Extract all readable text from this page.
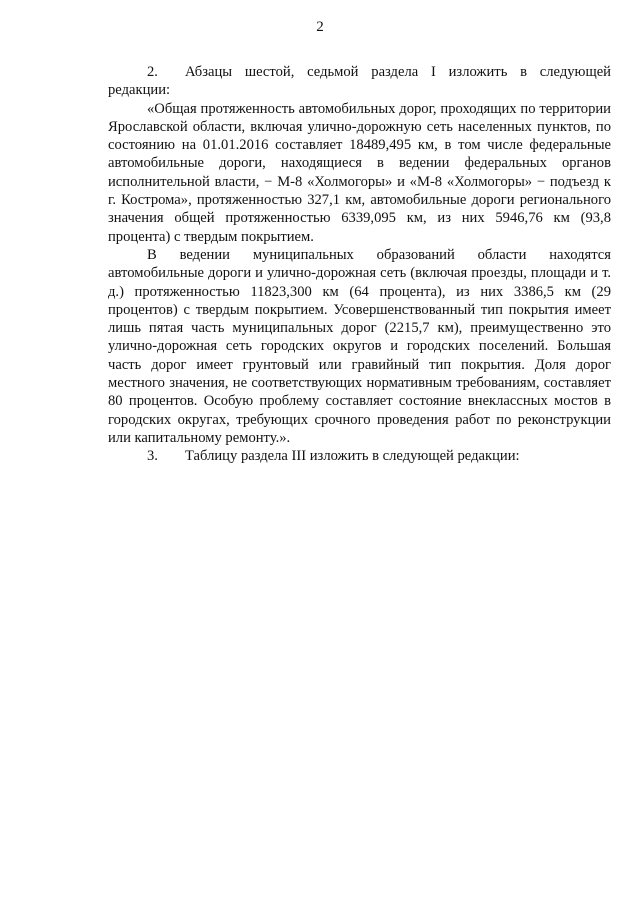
2

2. Абзацы шестой, седьмой раздела I изложить в следующей редакции:

«Общая протяженность автомобильных дорог, проходящих по территории Ярославской области, включая улично-дорожную сеть населенных пунктов, по состоянию на 01.01.2016 составляет 18489,495 км, в том числе федеральные автомобильные дороги, находящиеся в ведении федеральных органов исполнительной власти, − М-8 «Холмогоры» и «М-8 «Холмогоры» − подъезд к г. Кострома», протяженностью 327,1 км, автомобильные дороги регионального значения общей протяженностью 6339,095 км, из них 5946,76 км (93,8 процента) с твердым покрытием.

В ведении муниципальных образований области находятся автомобильные дороги и улично-дорожная сеть (включая проезды, площади и т. д.) протяженностью 11823,300 км (64 процента), из них 3386,5 км (29 процентов) с твердым покрытием. Усовершенствованный тип покрытия имеет лишь пятая часть муниципальных дорог (2215,7 км), преимущественно это улично-дорожная сеть городских округов и городских поселений. Большая часть дорог имеет грунтовый или гравийный тип покрытия. Доля дорог местного значения, не соответствующих нормативным требованиям, составляет 80 процентов. Особую проблему составляет состояние внеклассных мостов в городских округах, требующих срочного проведения работ по реконструкции или капитальному ремонту.».

3. Таблицу раздела III изложить в следующей редакции:
